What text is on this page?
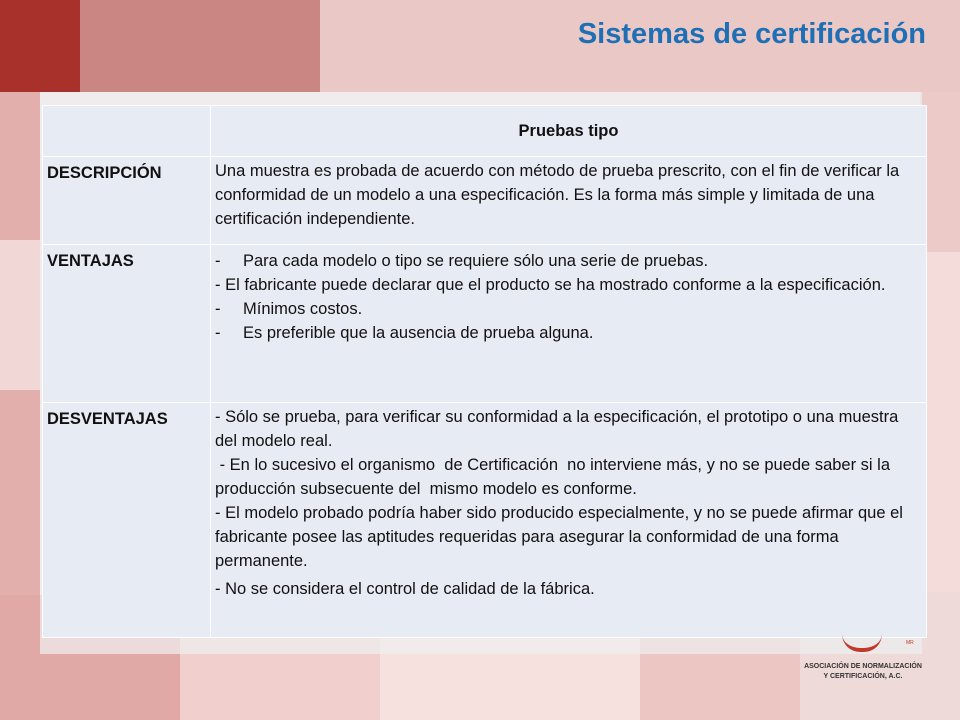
Sistemas de certificación
	Pruebas tipo
DESCRIPCIÓN	Una muestra es probada de acuerdo con método de prueba prescrito, con el fin de verificar la conformidad de un modelo a una especificación. Es la forma más simple y limitada de una certificación independiente.

VENTAJAS	- Para cada modelo o tipo se requiere sólo una serie de pruebas.
- El fabricante puede declarar que el producto se ha mostrado conforme a la especificación.
- Mínimos costos.
- Es preferible que la ausencia de prueba alguna.

DESVENTAJAS	- Sólo se prueba, para verificar su conformidad a la especificación, el prototipo o una muestra del modelo real.
- En lo sucesivo el organismo  de Certificación  no interviene más, y no se puede saber si la producción subsecuente del  mismo modelo es conforme.
- El modelo probado podría haber sido producido especialmente, y no se puede afirmar que el fabricante posee las aptitudes requeridas para asegurar la conformidad de una forma permanente.
- No se considera el control de calidad de la fábrica.
MR
ASOCIACIÓN DE NORMALIZACIÓN
Y CERTIFICACIÓN, A.C.
